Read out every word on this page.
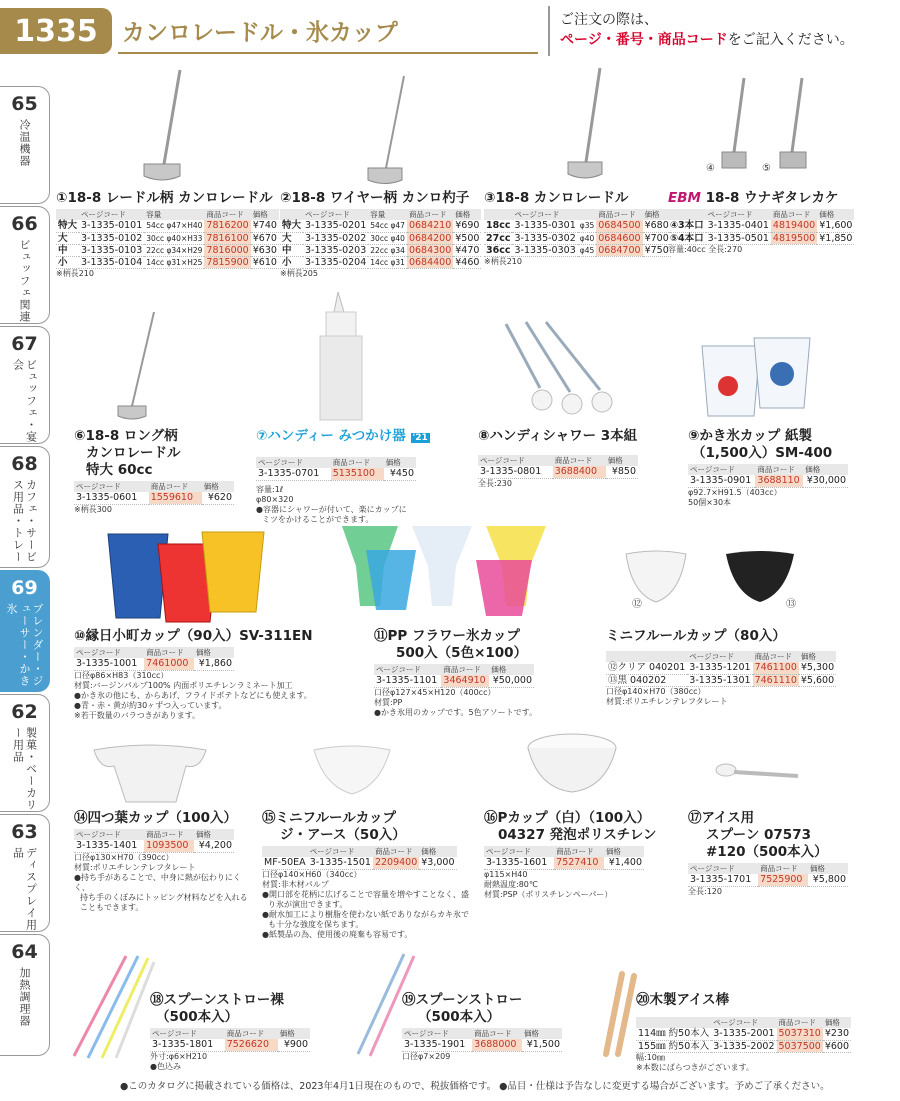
1335	カンロレードル・氷カップ	ご注文の際は、
ページ・番号・商品コードをご記入ください。
65
冷温機器
66
ビュッフェ関連
67
ビュッフェ・宴会
68
カフェ・サービス用品・トレー
69
ブレンダー・ジューサー・かき氷
62
製菓・ベーカリー用品
63
ディスプレイ用品
64
加熱調理器
④	⑤
⑫	⑬
①18-8 レードル柄 カンロレードル
	ページコード	容量	商品コード	価格
特大	3-1335-0101	54cc φ47×H40	7816200	¥740
大	3-1335-0102	30cc φ40×H33	7816100	¥670
中	3-1335-0103	22cc φ34×H29	7816000	¥630
小	3-1335-0104	14cc φ31×H25	7815900	¥610
※柄長210
②18-8 ワイヤー柄 カンロ杓子
	ページコード	容量	商品コード	価格
特大	3-1335-0201	54cc φ47	0684210	¥690
大	3-1335-0202	30cc φ40	0684200	¥500
中	3-1335-0203	22cc φ34	0684300	¥470
小	3-1335-0204	14cc φ31	0684400	¥460
※柄長205
③18-8 カンロレードル
	ページコード		商品コード	価格
18cc	3-1335-0301	φ35	0684500	¥680
27cc	3-1335-0302	φ40	0684600	¥700
36cc	3-1335-0303	φ45	0684700	¥750
※柄長210
EBM 18-8 ウナギタレカケ
	ページコード	商品コード	価格
④3本口	3-1335-0401	4819400	¥1,600
⑤4本口	3-1335-0501	4819500	¥1,850
容量:40cc 全長:270
⑥18-8 ロング柄
カンロレードル
特大 60cc
ページコード	商品コード	価格
3-1335-0601	1559610	¥620
※柄長300
⑦ハンディー みつかけ器 '21
ページコード	商品コード	価格
3-1335-0701	5135100	¥450
容量:1ℓ
φ80×320
●容器にシャワーが付いて、楽にカップに
ミツをかけることができます。
⑧ハンディシャワー 3本組
ページコード	商品コード	価格
3-1335-0801	3688400	¥850
全長:230
⑨かき氷カップ 紙製
（1,500入）SM-400
ページコード	商品コード	価格
3-1335-0901	3688110	¥30,000
φ92.7×H91.5（403cc）
50個×30本
⑩縁日小町カップ（90入）SV-311EN
ページコード	商品コード	価格
3-1335-1001	7461000	¥1,860
口径φ86×H83（310cc）
材質:バージンパルプ100% 内面ポリエチレンラミネート加工
●かき氷の他にも、からあげ、フライドポテトなどにも使えます。
●青・赤・黄が約30ヶずつ入っています。
※若干数量のバラつきがあります。
⑪PP フラワー氷カップ
500入（5色×100）
ページコード	商品コード	価格
3-1335-1101	3464910	¥50,000
口径φ127×45×H120（400cc）
材質:PP
●かき氷用のカップです。5色アソートです。
ミニフルールカップ（80入）
	ページコード	商品コード	価格
⑫クリア 040201	3-1335-1201	7461100	¥5,300
⑬黒 040202	3-1335-1301	7461110	¥5,600
口径φ140×H70（380cc）
材質:ポリエチレンテレフタレート
⑭四つ葉カップ（100入）
ページコード	商品コード	価格
3-1335-1401	1093500	¥4,200
口径φ130×H70（390cc）
材質:ポリエチレンテレフタレート
●持ち手があることで、中身に熱が伝わりにくく、
持ち手のくぼみにトッピング材料などを入れる
こともできます。
⑮ミニフルールカップ
ジ・アース（50入）
	ページコード	商品コード	価格
MF-50EA	3-1335-1501	2209400	¥3,000
口径φ140×H60（340cc）
材質:非木材パルプ
●開口部を花柄に広げることで容量を増やすことなく、盛
り氷が演出できます。
●耐水加工により樹脂を使わない紙でありながらカキ氷で
も十分な強度を保ちます。
●紙製品の為、使用後の廃棄も容易です。
⑯Pカップ（白）（100入）
04327 発泡ポリスチレン
ページコード	商品コード	価格
3-1335-1601	7527410	¥1,400
φ115×H40
耐熱温度:80℃
材質:PSP（ポリスチレンペーパー）
⑰アイス用
スプーン 07573
#120（500本入）
ページコード	商品コード	価格
3-1335-1701	7525900	¥5,800
全長:120
⑱スプーンストロー裸
（500本入）
ページコード	商品コード	価格
3-1335-1801	7526620	¥900
外寸:φ6×H210
●色込み
⑲スプーンストロー
（500本入）
ページコード	商品コード	価格
3-1335-1901	3688000	¥1,500
口径φ7×209
⑳木製アイス棒
	ページコード	商品コード	価格
114㎜ 約50本入	3-1335-2001	5037310	¥230
155㎜ 約50本入	3-1335-2002	5037500	¥600
幅:10㎜
※本数にばらつきがございます。
●このカタログに掲載されている価格は、2023年4月1日現在のもので、税抜価格です。 ●品目・仕様は予告なしに変更する場合がございます。予めご了承ください。
